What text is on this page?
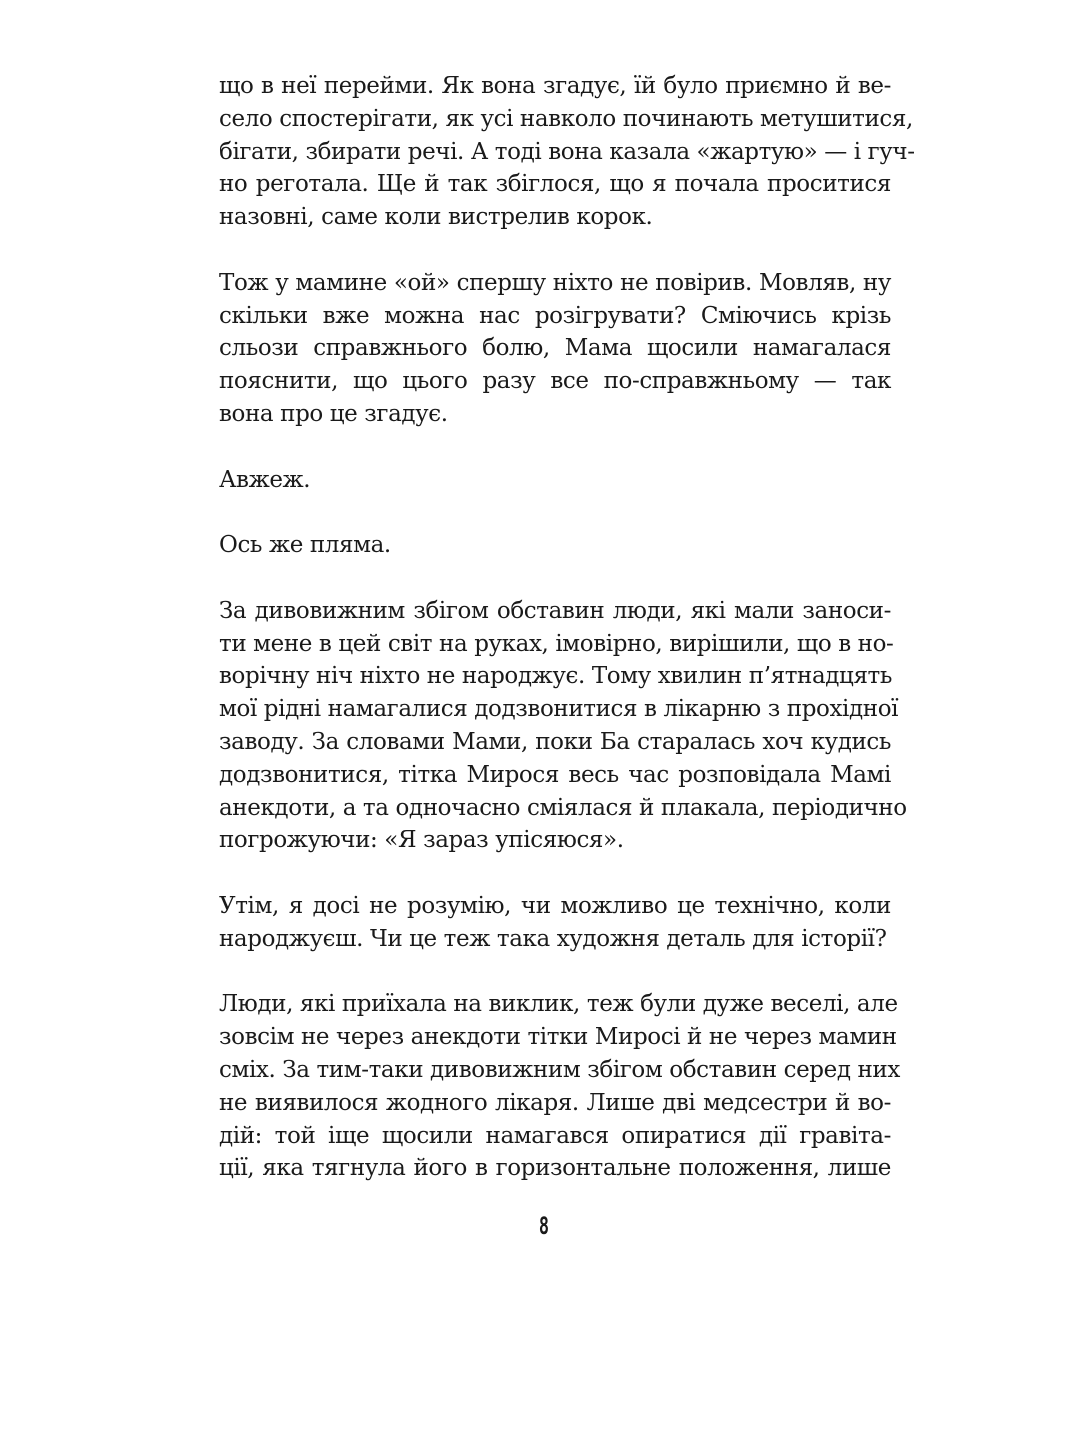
що в неї перейми. Як вона згадує, їй було приємно й ве-
село спостерігати, як усі навколо починають метушитися,
бігати, збирати речі. А тоді вона казала «жартую» — і гуч-
но реготала. Ще й так збіглося, що я почала проситися
назовні, саме коли вистрелив корок.
Тож у мамине «ой» спершу ніхто не повірив. Мовляв, ну
скільки вже можна нас розігрувати? Сміючись крізь
сльози справжнього болю, Мама щосили намагалася
пояснити, що цього разу все по-справжньому — так
вона про це згадує.
Авжеж.
Ось же пляма.
За дивовижним збігом обставин люди, які мали заноси-
ти мене в цей світ на руках, імовірно, вирішили, що в но-
ворічну ніч ніхто не народжує. Тому хвилин п’ятнадцять
мої рідні намагалися додзвонитися в лікарню з прохідної
заводу. За словами Мами, поки Ба старалась хоч кудись
додзвонитися, тітка Мирося весь час розповідала Мамі
анекдоти, а та одночасно сміялася й плакала, періодично
погрожуючи: «Я зараз упісяюся».
Утім, я досі не розумію, чи можливо це технічно, коли
народжуєш. Чи це теж така художня деталь для історії?
Люди, які приїхала на виклик, теж були дуже веселі, але
зовсім не через анекдоти тітки Миросі й не через мамин
сміх. За тим-таки дивовижним збігом обставин серед них
не виявилося жодного лікаря. Лише дві медсестри й во-
дій: той іще щосили намагався опиратися дії гравіта-
ції, яка тягнула його в горизонтальне положення, лише
8
